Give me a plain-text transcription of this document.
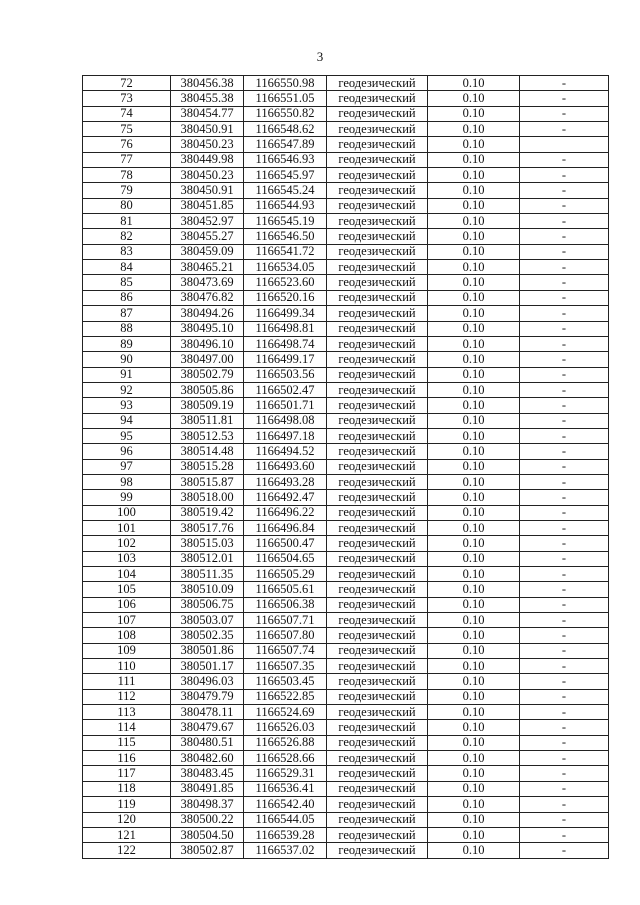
3
72	380456.38	1166550.98	геодезический	0.10	-
73	380455.38	1166551.05	геодезический	0.10	-
74	380454.77	1166550.82	геодезический	0.10	-
75	380450.91	1166548.62	геодезический	0.10	-
76	380450.23	1166547.89	геодезический	0.10	
77	380449.98	1166546.93	геодезический	0.10	-
78	380450.23	1166545.97	геодезический	0.10	-
79	380450.91	1166545.24	геодезический	0.10	-
80	380451.85	1166544.93	геодезический	0.10	-
81	380452.97	1166545.19	геодезический	0.10	-
82	380455.27	1166546.50	геодезический	0.10	-
83	380459.09	1166541.72	геодезический	0.10	-
84	380465.21	1166534.05	геодезический	0.10	-
85	380473.69	1166523.60	геодезический	0.10	-
86	380476.82	1166520.16	геодезический	0.10	-
87	380494.26	1166499.34	геодезический	0.10	-
88	380495.10	1166498.81	геодезический	0.10	-
89	380496.10	1166498.74	геодезический	0.10	-
90	380497.00	1166499.17	геодезический	0.10	-
91	380502.79	1166503.56	геодезический	0.10	-
92	380505.86	1166502.47	геодезический	0.10	-
93	380509.19	1166501.71	геодезический	0.10	-
94	380511.81	1166498.08	геодезический	0.10	-
95	380512.53	1166497.18	геодезический	0.10	-
96	380514.48	1166494.52	геодезический	0.10	-
97	380515.28	1166493.60	геодезический	0.10	-
98	380515.87	1166493.28	геодезический	0.10	-
99	380518.00	1166492.47	геодезический	0.10	-
100	380519.42	1166496.22	геодезический	0.10	-
101	380517.76	1166496.84	геодезический	0.10	-
102	380515.03	1166500.47	геодезический	0.10	-
103	380512.01	1166504.65	геодезический	0.10	-
104	380511.35	1166505.29	геодезический	0.10	-
105	380510.09	1166505.61	геодезический	0.10	-
106	380506.75	1166506.38	геодезический	0.10	-
107	380503.07	1166507.71	геодезический	0.10	-
108	380502.35	1166507.80	геодезический	0.10	-
109	380501.86	1166507.74	геодезический	0.10	-
110	380501.17	1166507.35	геодезический	0.10	-
111	380496.03	1166503.45	геодезический	0.10	-
112	380479.79	1166522.85	геодезический	0.10	-
113	380478.11	1166524.69	геодезический	0.10	-
114	380479.67	1166526.03	геодезический	0.10	-
115	380480.51	1166526.88	геодезический	0.10	-
116	380482.60	1166528.66	геодезический	0.10	-
117	380483.45	1166529.31	геодезический	0.10	-
118	380491.85	1166536.41	геодезический	0.10	-
119	380498.37	1166542.40	геодезический	0.10	-
120	380500.22	1166544.05	геодезический	0.10	-
121	380504.50	1166539.28	геодезический	0.10	-
122	380502.87	1166537.02	геодезический	0.10	-
